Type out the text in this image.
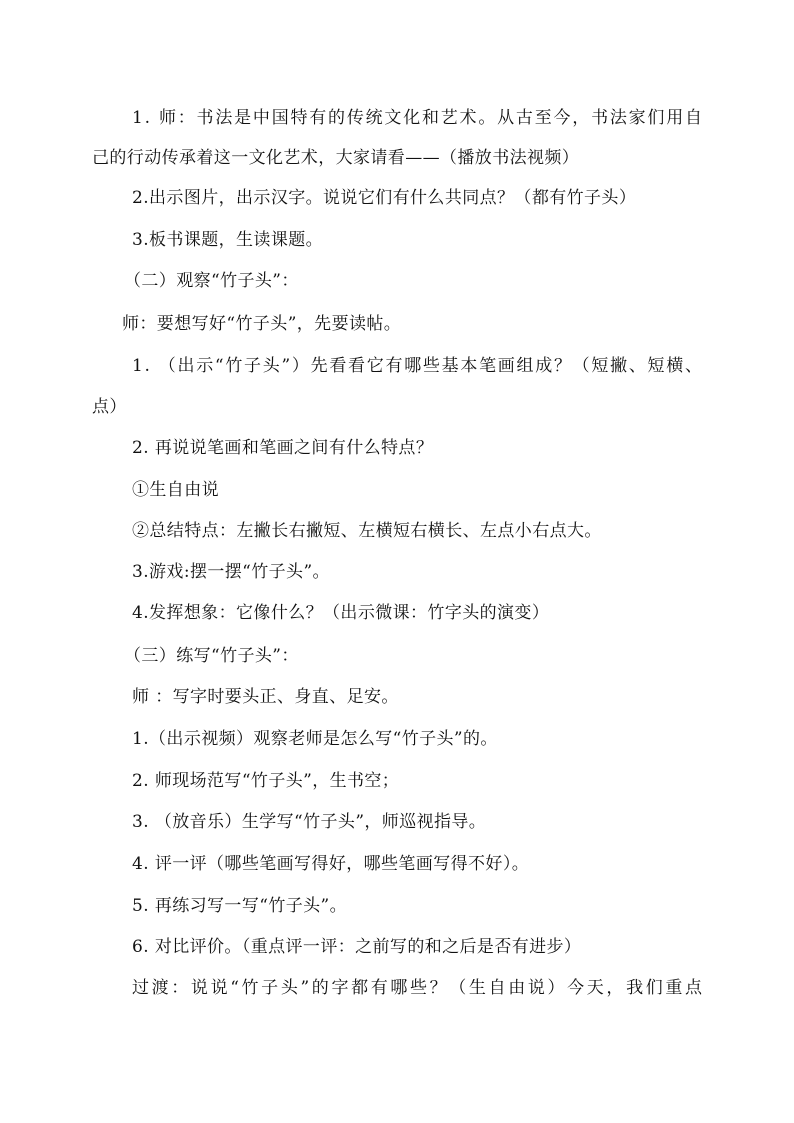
1. 师：书法是中国特有的传统文化和艺术。从古至今，书法家们用自
己的行动传承着这一文化艺术，大家请看——（播放书法视频）
2.出示图片，出示汉字。说说它们有什么共同点？（都有竹子头）
3.板书课题，生读课题。
（二）观察“竹子头”：
师：要想写好“竹子头”，先要读帖。
1. （出示“竹子头”）先看看它有哪些基本笔画组成？（短撇、短横、
点）
2. 再说说笔画和笔画之间有什么特点？
①生自由说
②总结特点：左撇长右撇短、左横短右横长、左点小右点大。
3.游戏:摆一摆“竹子头”。
4.发挥想象：它像什么？（出示微课：竹字头的演变）
（三）练写“竹子头”：
师 ：写字时要头正、身直、足安。
1.（出示视频）观察老师是怎么写“竹子头”的。
2. 师现场范写“竹子头”，生书空；
3. （放音乐）生学写“竹子头”，师巡视指导。
4. 评一评（哪些笔画写得好，哪些笔画写得不好）。
5. 再练习写一写“竹子头”。
6. 对比评价。（重点评一评：之前写的和之后是否有进步）
过渡：说说“竹子头”的字都有哪些？（生自由说）今天，我们重点
